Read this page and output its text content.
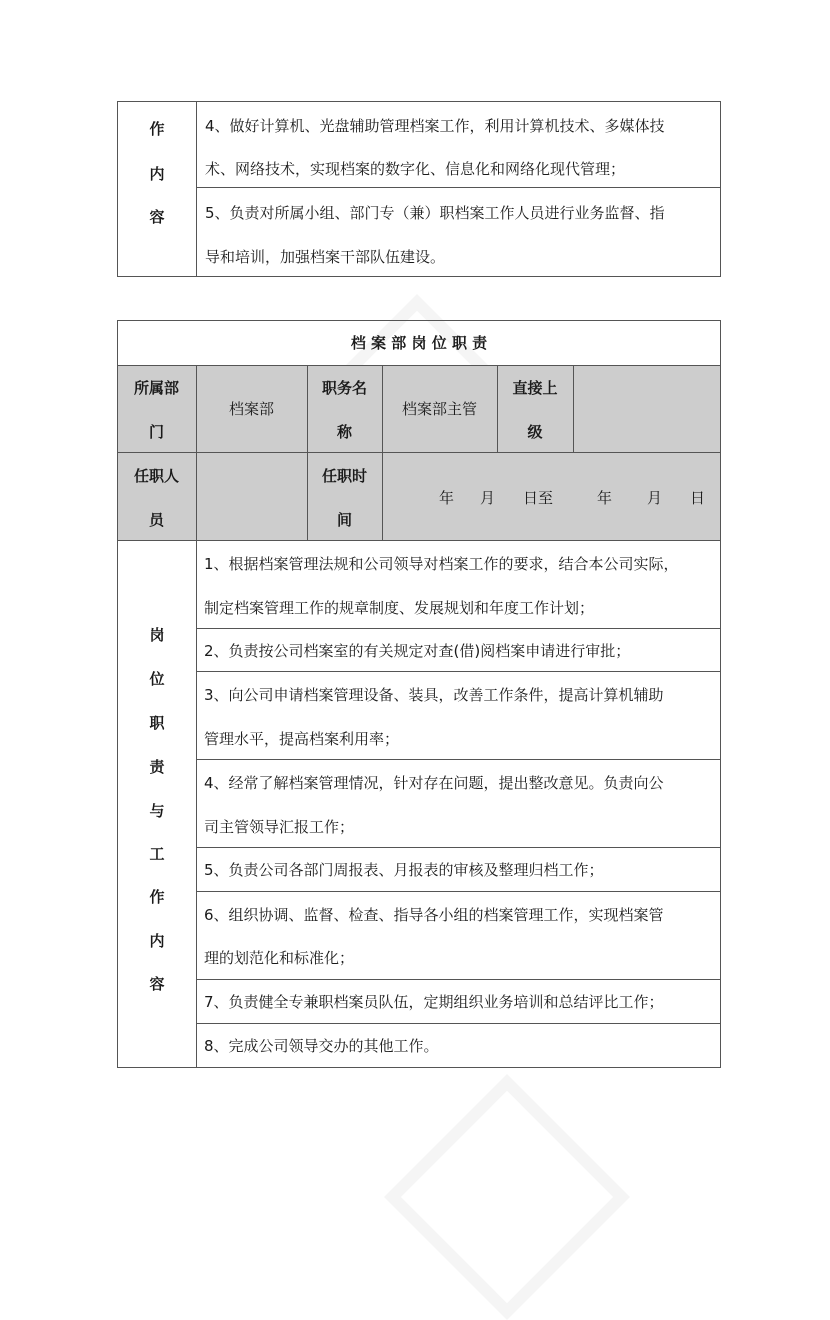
作
内
容
4、做好计算机、光盘辅助管理档案工作，利用计算机技术、多媒体技
术、网络技术，实现档案的数字化、信息化和网络化现代管理；
5、负责对所属小组、部门专（兼）职档案工作人员进行业务监督、指
导和培训，加强档案干部队伍建设。
档 案 部 岗 位 职 责
所属部
门
档案部
职务名
称
档案部主管
直接上
级
任职人
员
任职时
间
年 月 日至	年 月 日
岗
位
职
责
与
工
作
内
容
1、根据档案管理法规和公司领导对档案工作的要求，结合本公司实际，
制定档案管理工作的规章制度、发展规划和年度工作计划；
2、负责按公司档案室的有关规定对查(借)阅档案申请进行审批；
3、向公司申请档案管理设备、装具，改善工作条件，提高计算机辅助
管理水平，提高档案利用率；
4、经常了解档案管理情况，针对存在问题，提出整改意见。负责向公
司主管领导汇报工作；
5、负责公司各部门周报表、月报表的审核及整理归档工作；
6、组织协调、监督、检查、指导各小组的档案管理工作，实现档案管
理的划范化和标准化；
7、负责健全专兼职档案员队伍，定期组织业务培训和总结评比工作；
8、完成公司领导交办的其他工作。
